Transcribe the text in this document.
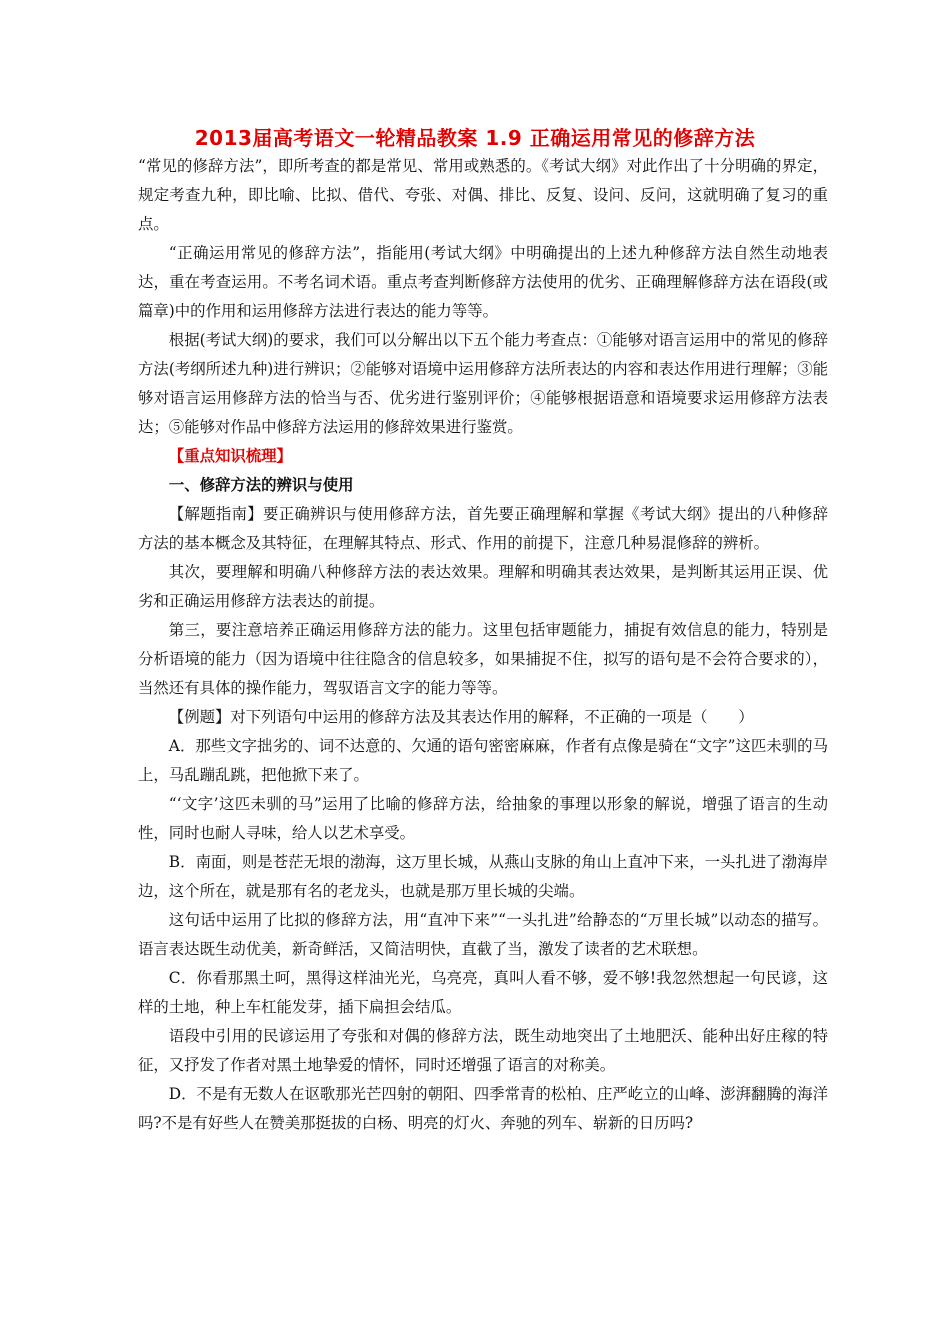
2013届高考语文一轮精品教案 1.9 正确运用常见的修辞方法

“常见的修辞方法”，即所考查的都是常见、常用或熟悉的。《考试大纲》对此作出了十分明确的界定，规定考查九种，即比喻、比拟、借代、夸张、对偶、排比、反复、设问、反问，这就明确了复习的重点。

“正确运用常见的修辞方法”，指能用(考试大纲》中明确提出的上述九种修辞方法自然生动地表达，重在考查运用。不考名词术语。重点考查判断修辞方法使用的优劣、正确理解修辞方法在语段(或篇章)中的作用和运用修辞方法进行表达的能力等等。

根据(考试大纲)的要求，我们可以分解出以下五个能力考查点：①能够对语言运用中的常见的修辞方法(考纲所述九种)进行辨识；②能够对语境中运用修辞方法所表达的内容和表达作用进行理解；③能够对语言运用修辞方法的恰当与否、优劣进行鉴别评价；④能够根据语意和语境要求运用修辞方法表达；⑤能够对作品中修辞方法运用的修辞效果进行鉴赏。

【重点知识梳理】

一、修辞方法的辨识与使用

【解题指南】要正确辨识与使用修辞方法，首先要正确理解和掌握《考试大纲》提出的八种修辞方法的基本概念及其特征，在理解其特点、形式、作用的前提下，注意几种易混修辞的辨析。

其次，要理解和明确八种修辞方法的表达效果。理解和明确其表达效果，是判断其运用正误、优劣和正确运用修辞方法表达的前提。

第三，要注意培养正确运用修辞方法的能力。这里包括审题能力，捕捉有效信息的能力，特别是分析语境的能力（因为语境中往往隐含的信息较多，如果捕捉不住，拟写的语句是不会符合要求的），当然还有具体的操作能力，驾驭语言文字的能力等等。

【例题】对下列语句中运用的修辞方法及其表达作用的解释，不正确的一项是（　　）

A．那些文字拙劣的、词不达意的、欠通的语句密密麻麻，作者有点像是骑在“文字”这匹未驯的马上，马乱蹦乱跳，把他掀下来了。

“‘文字’这匹未驯的马”运用了比喻的修辞方法，给抽象的事理以形象的解说，增强了语言的生动性，同时也耐人寻味，给人以艺术享受。

B．南面，则是苍茫无垠的渤海，这万里长城，从燕山支脉的角山上直冲下来，一头扎进了渤海岸边，这个所在，就是那有名的老龙头，也就是那万里长城的尖端。

这句话中运用了比拟的修辞方法，用“直冲下来”“一头扎进”给静态的“万里长城”以动态的描写。语言表达既生动优美，新奇鲜活，又简洁明快，直截了当，激发了读者的艺术联想。

C．你看那黑土呵，黑得这样油光光，乌亮亮，真叫人看不够，爱不够!我忽然想起一句民谚，这样的土地，种上车杠能发芽，插下扁担会结瓜。

语段中引用的民谚运用了夸张和对偶的修辞方法，既生动地突出了土地肥沃、能种出好庄稼的特征，又抒发了作者对黑土地挚爱的情怀，同时还增强了语言的对称美。

D．不是有无数人在讴歌那光芒四射的朝阳、四季常青的松柏、庄严屹立的山峰、澎湃翻腾的海洋吗?不是有好些人在赞美那挺拔的白杨、明亮的灯火、奔驰的列车、崭新的日历吗?
